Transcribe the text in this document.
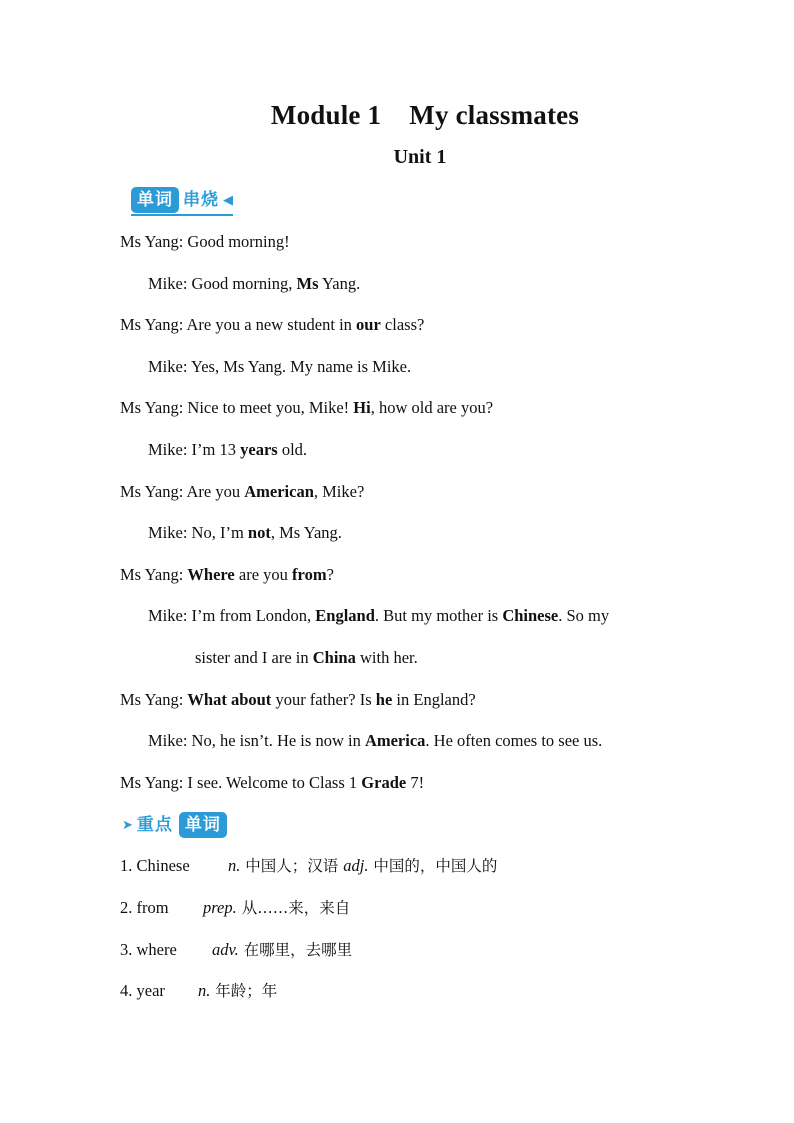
Module 1 My classmates
Unit 1
单词 串烧 ◀
Ms Yang: Good morning!
Mike: Good morning, Ms Yang.
Ms Yang: Are you a new student in our class?
Mike: Yes, Ms Yang. My name is Mike.
Ms Yang: Nice to meet you, Mike! Hi, how old are you?
Mike: I’m 13 years old.
Ms Yang: Are you American, Mike?
Mike: No, I’m not, Ms Yang.
Ms Yang: Where are you from?
Mike: I’m from London, England. But my mother is Chinese. So my
sister and I are in China with her.
Ms Yang: What about your father? Is he in England?
Mike: No, he isn’t. He is now in America. He often comes to see us.
Ms Yang: I see. Welcome to Class 1 Grade 7!
➤ 重点 单词
1. Chinese n. 中国人；汉语 adj. 中国的，中国人的
2. from prep. 从……来，来自
3. where adv. 在哪里，去哪里
4. year n. 年龄；年
